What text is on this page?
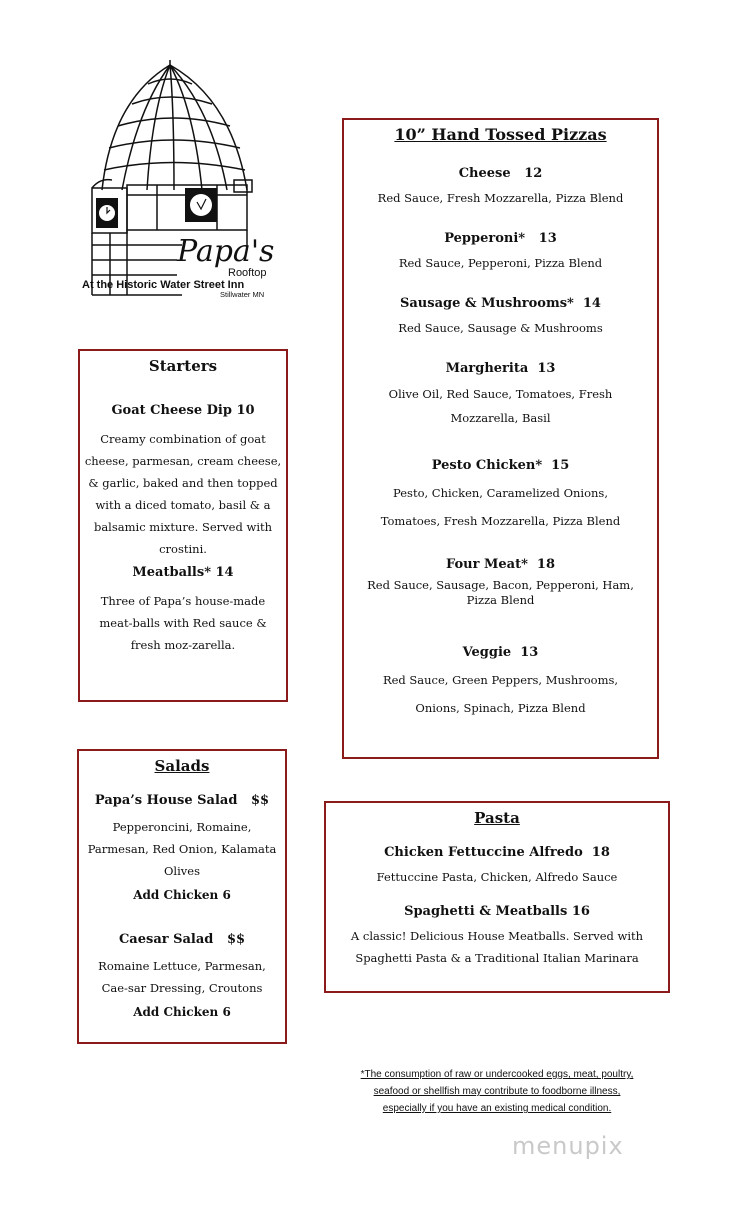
Papa's
Rooftop
At the Historic Water Street Inn
Stillwater MN
10” Hand Tossed Pizzas
Cheese   12
Red Sauce, Fresh Mozzarella, Pizza Blend
Pepperoni*   13
Red Sauce, Pepperoni, Pizza Blend
Sausage & Mushrooms*  14
Red Sauce, Sausage & Mushrooms
Margherita  13
Olive Oil, Red Sauce, Tomatoes, Fresh Mozzarella, Basil
Pesto Chicken*  15
Pesto, Chicken, Caramelized Onions, Tomatoes, Fresh Mozzarella, Pizza Blend
Four Meat*  18
Red Sauce, Sausage, Bacon, Pepperoni, Ham, Pizza Blend
Veggie  13
Red Sauce, Green Peppers, Mushrooms, Onions, Spinach, Pizza Blend
Starters
Goat Cheese Dip 10
Creamy combination of goat cheese, parmesan, cream cheese, & garlic, baked and then topped with a diced tomato, basil & a balsamic mixture. Served with crostini.
Meatballs* 14
Three of Papa’s house-made meat-balls with Red sauce & fresh moz-zarella.
Salads
Papa’s House Salad   $$
Pepperoncini, Romaine, Parmesan, Red Onion, Kalamata Olives
Add Chicken 6
Caesar Salad   $$
Romaine Lettuce, Parmesan, Cae-sar Dressing, Croutons
Add Chicken 6
Pasta
Chicken Fettuccine Alfredo  18
Fettuccine Pasta, Chicken, Alfredo Sauce
Spaghetti & Meatballs 16
A classic! Delicious House Meatballs. Served with Spaghetti Pasta & a Traditional Italian Marinara
*The consumption of raw or undercooked eggs, meat, poultry, seafood or shellfish may contribute to foodborne illness, especially if you have an existing medical condition.
menupix
